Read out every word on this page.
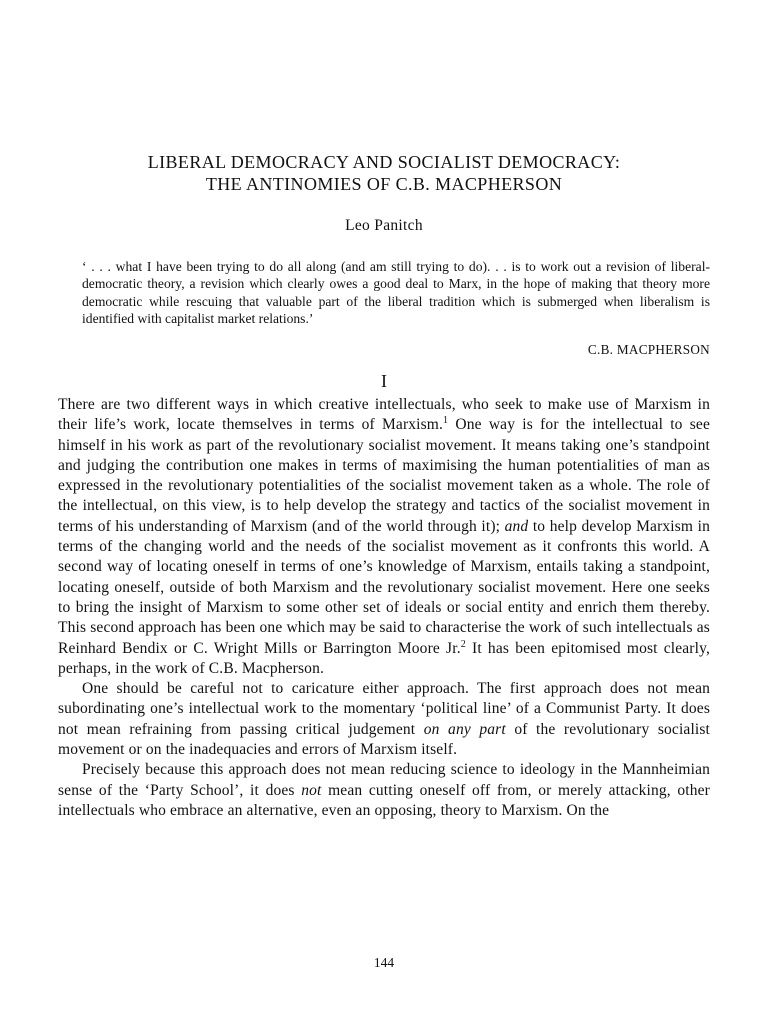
LIBERAL DEMOCRACY AND SOCIALIST DEMOCRACY:
THE ANTINOMIES OF C.B. MACPHERSON
Leo Panitch

‘ . . . what I have been trying to do all along (and am still trying to do). . . is to work out a revision of liberal-democratic theory, a revision which clearly owes a good deal to Marx, in the hope of making that theory more democratic while rescuing that valuable part of the liberal tradition which is submerged when liberalism is identified with capitalist market relations.’

C.B. MACPHERSON
I

There are two different ways in which creative intellectuals, who seek to make use of Marxism in their life’s work, locate themselves in terms of Marxism.$^1$ One way is for the intellectual to see himself in his work as part of the revolutionary socialist movement. It means taking one’s standpoint and judging the contribution one makes in terms of maximising the human potentialities of man as expressed in the revolutionary potentialities of the socialist movement taken as a whole. The role of the intellectual, on this view, is to help develop the strategy and tactics of the socialist movement in terms of his understanding of Marxism (and of the world through it); and to help develop Marxism in terms of the changing world and the needs of the socialist movement as it confronts this world. A second way of locating oneself in terms of one’s knowledge of Marxism, entails taking a standpoint, locating oneself, outside of both Marxism and the revolutionary socialist movement. Here one seeks to bring the insight of Marxism to some other set of ideals or social entity and enrich them thereby. This second approach has been one which may be said to characterise the work of such intellectuals as Reinhard Bendix or C. Wright Mills or Barrington Moore Jr.$^2$ It has been epitomised most clearly, perhaps, in the work of C.B. Macpherson.

One should be careful not to caricature either approach. The first approach does not mean subordinating one’s intellectual work to the momentary ‘political line’ of a Communist Party. It does not mean refraining from passing critical judgement on any part of the revolutionary socialist movement or on the inadequacies and errors of Marxism itself.

Precisely because this approach does not mean reducing science to ideology in the Mannheimian sense of the ‘Party School’, it does not mean cutting oneself off from, or merely attacking, other intellectuals who embrace an alternative, even an opposing, theory to Marxism. On the

144
